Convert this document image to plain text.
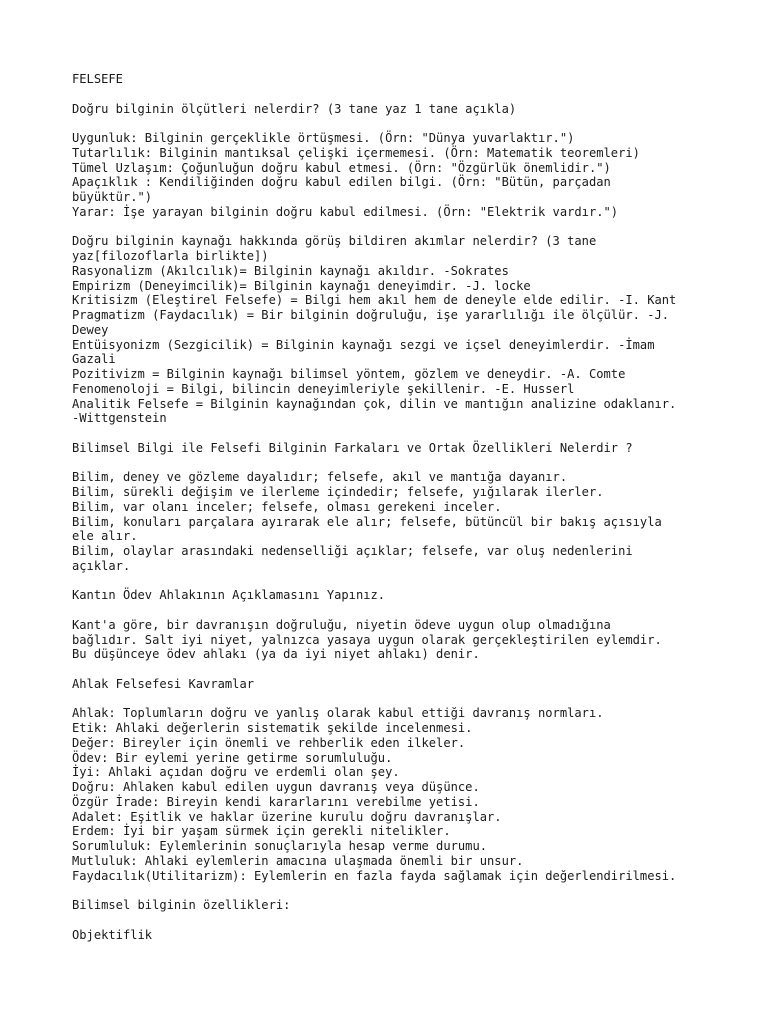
FELSEFE
Doğru bilginin ölçütleri nelerdir? (3 tane yaz 1 tane açıkla)
Uygunluk: Bilginin gerçeklikle örtüşmesi. (Örn: "Dünya yuvarlaktır.")
Tutarlılık: Bilginin mantıksal çelişki içermemesi. (Örn: Matematik teoremleri)
Tümel Uzlaşım: Çoğunluğun doğru kabul etmesi. (Örn: "Özgürlük önemlidir.")
Apaçıklık : Kendiliğinden doğru kabul edilen bilgi. (Örn: "Bütün, parçadan
büyüktür.")
Yarar: İşe yarayan bilginin doğru kabul edilmesi. (Örn: "Elektrik vardır.")
Doğru bilginin kaynağı hakkında görüş bildiren akımlar nelerdir? (3 tane
yaz[filozoflarla birlikte])
Rasyonalizm (Akılcılık)= Bilginin kaynağı akıldır. -Sokrates
Empirizm (Deneyimcilik)= Bilginin kaynağı deneyimdir. -J. locke
Kritisizm (Eleştirel Felsefe) = Bilgi hem akıl hem de deneyle elde edilir. -I. Kant
Pragmatizm (Faydacılık) = Bir bilginin doğruluğu, işe yararlılığı ile ölçülür. -J.
Dewey
Entüisyonizm (Sezgicilik) = Bilginin kaynağı sezgi ve içsel deneyimlerdir. -İmam
Gazali
Pozitivizm = Bilginin kaynağı bilimsel yöntem, gözlem ve deneydir. -A. Comte
Fenomenoloji = Bilgi, bilincin deneyimleriyle şekillenir. -E. Husserl
Analitik Felsefe = Bilginin kaynağından çok, dilin ve mantığın analizine odaklanır.
-Wittgenstein
Bilimsel Bilgi ile Felsefi Bilginin Farkaları ve Ortak Özellikleri Nelerdir ?
Bilim, deney ve gözleme dayalıdır; felsefe, akıl ve mantığa dayanır.
Bilim, sürekli değişim ve ilerleme içindedir; felsefe, yığılarak ilerler.
Bilim, var olanı inceler; felsefe, olması gerekeni inceler.
Bilim, konuları parçalara ayırarak ele alır; felsefe, bütüncül bir bakış açısıyla
ele alır.
Bilim, olaylar arasındaki nedenselliği açıklar; felsefe, var oluş nedenlerini
açıklar.
Kantın Ödev Ahlakının Açıklamasını Yapınız.
Kant'a göre, bir davranışın doğruluğu, niyetin ödeve uygun olup olmadığına
bağlıdır. Salt iyi niyet, yalnızca yasaya uygun olarak gerçekleştirilen eylemdir.
Bu düşünceye ödev ahlakı (ya da iyi niyet ahlakı) denir.
Ahlak Felsefesi Kavramlar
Ahlak: Toplumların doğru ve yanlış olarak kabul ettiği davranış normları.
Etik: Ahlaki değerlerin sistematik şekilde incelenmesi.
Değer: Bireyler için önemli ve rehberlik eden ilkeler.
Ödev: Bir eylemi yerine getirme sorumluluğu.
İyi: Ahlaki açıdan doğru ve erdemli olan şey.
Doğru: Ahlaken kabul edilen uygun davranış veya düşünce.
Özgür İrade: Bireyin kendi kararlarını verebilme yetisi.
Adalet: Eşitlik ve haklar üzerine kurulu doğru davranışlar.
Erdem: İyi bir yaşam sürmek için gerekli nitelikler.
Sorumluluk: Eylemlerinin sonuçlarıyla hesap verme durumu.
Mutluluk: Ahlaki eylemlerin amacına ulaşmada önemli bir unsur.
Faydacılık(Utilitarizm): Eylemlerin en fazla fayda sağlamak için değerlendirilmesi.
Bilimsel bilginin özellikleri:
Objektiflik
